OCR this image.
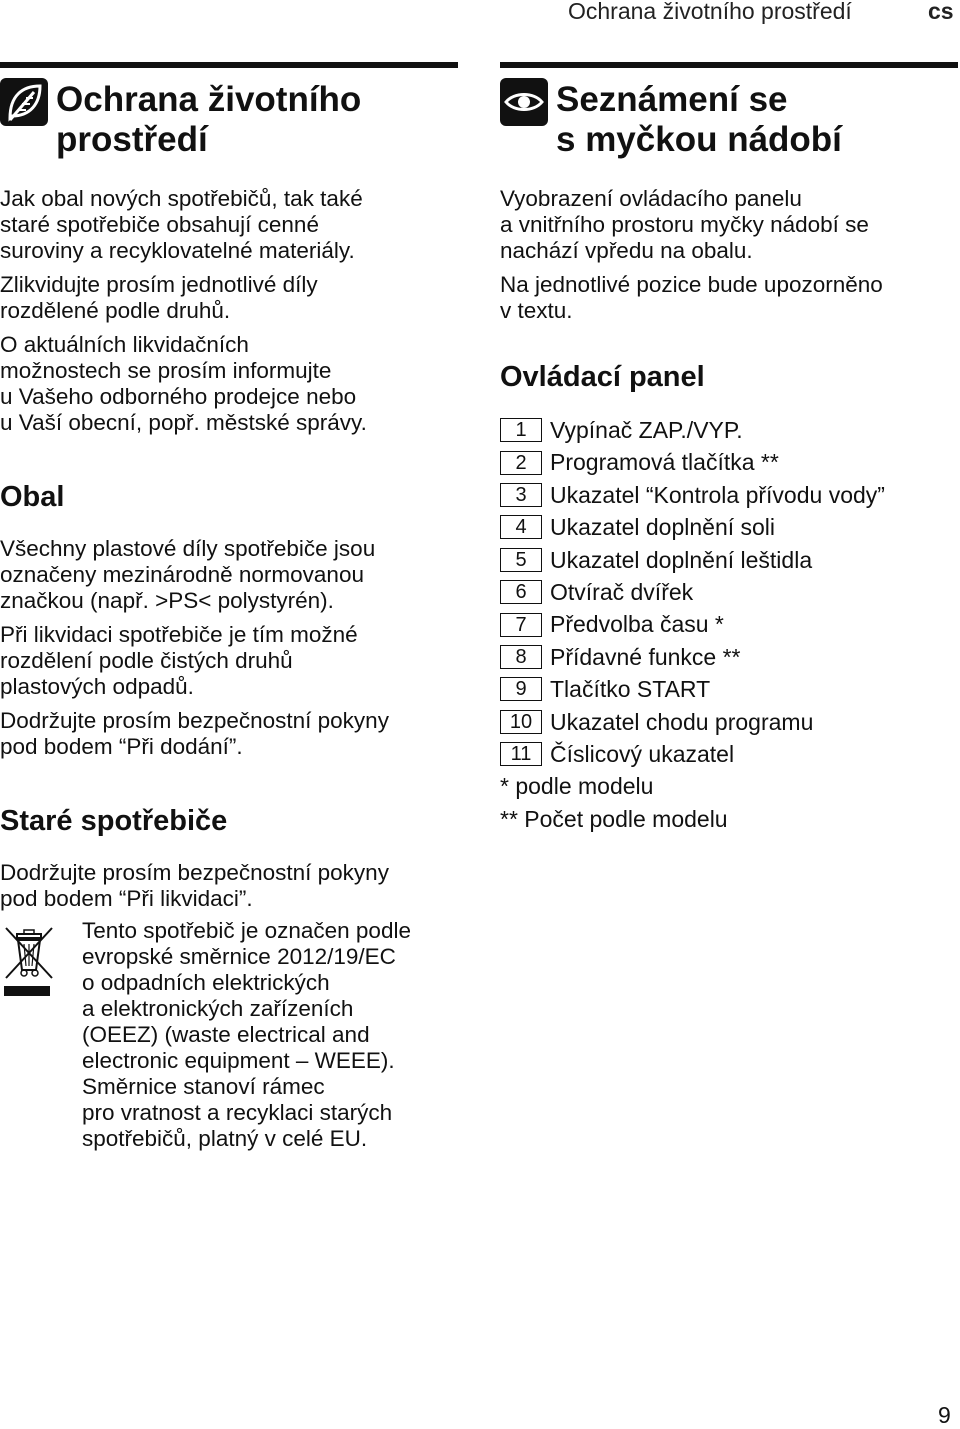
Ochrana životního prostředí	cs
Ochrana životního
prostředí

Jak obal nových spotřebičů, tak také
staré spotřebiče obsahují cenné
suroviny a recyklovatelné materiály.

Zlikvidujte prosím jednotlivé díly
rozdělené podle druhů.

O aktuálních likvidačních
možnostech se prosím informujte
u Vašeho odborného prodejce nebo
u Vaší obecní, popř. městské správy.

Obal

Všechny plastové díly spotřebiče jsou
označeny mezinárodně normovanou
značkou (např. >PS< polystyrén).

Při likvidaci spotřebiče je tím možné
rozdělení podle čistých druhů
plastových odpadů.

Dodržujte prosím bezpečnostní pokyny
pod bodem “Při dodání”.

Staré spotřebiče

Dodržujte prosím bezpečnostní pokyny
pod bodem “Při likvidaci”.

Tento spotřebič je označen podle
evropské směrnice 2012/19/EC
o odpadních elektrických
a elektronických zařízeních
(OEEZ) (waste electrical and
electronic equipment – WEEE).
Směrnice stanoví rámec
pro vratnost a recyklaci starých
spotřebičů, platný v celé EU.
Seznámení se
s myčkou nádobí

Vyobrazení ovládacího panelu
a vnitřního prostoru myčky nádobí se
nachází vpředu na obalu.

Na jednotlivé pozice bude upozorněno
v textu.

Ovládací panel
1	Vypínač ZAP./VYP.
2	Programová tlačítka **
3	Ukazatel “Kontrola přívodu vody”
4	Ukazatel doplnění soli
5	Ukazatel doplnění leštidla
6	Otvírač dvířek
7	Předvolba času *
8	Přídavné funkce **
9	Tlačítko START
10 Ukazatel chodu programu
11 Číslicový ukazatel
* podle modelu
** Počet podle modelu
9
